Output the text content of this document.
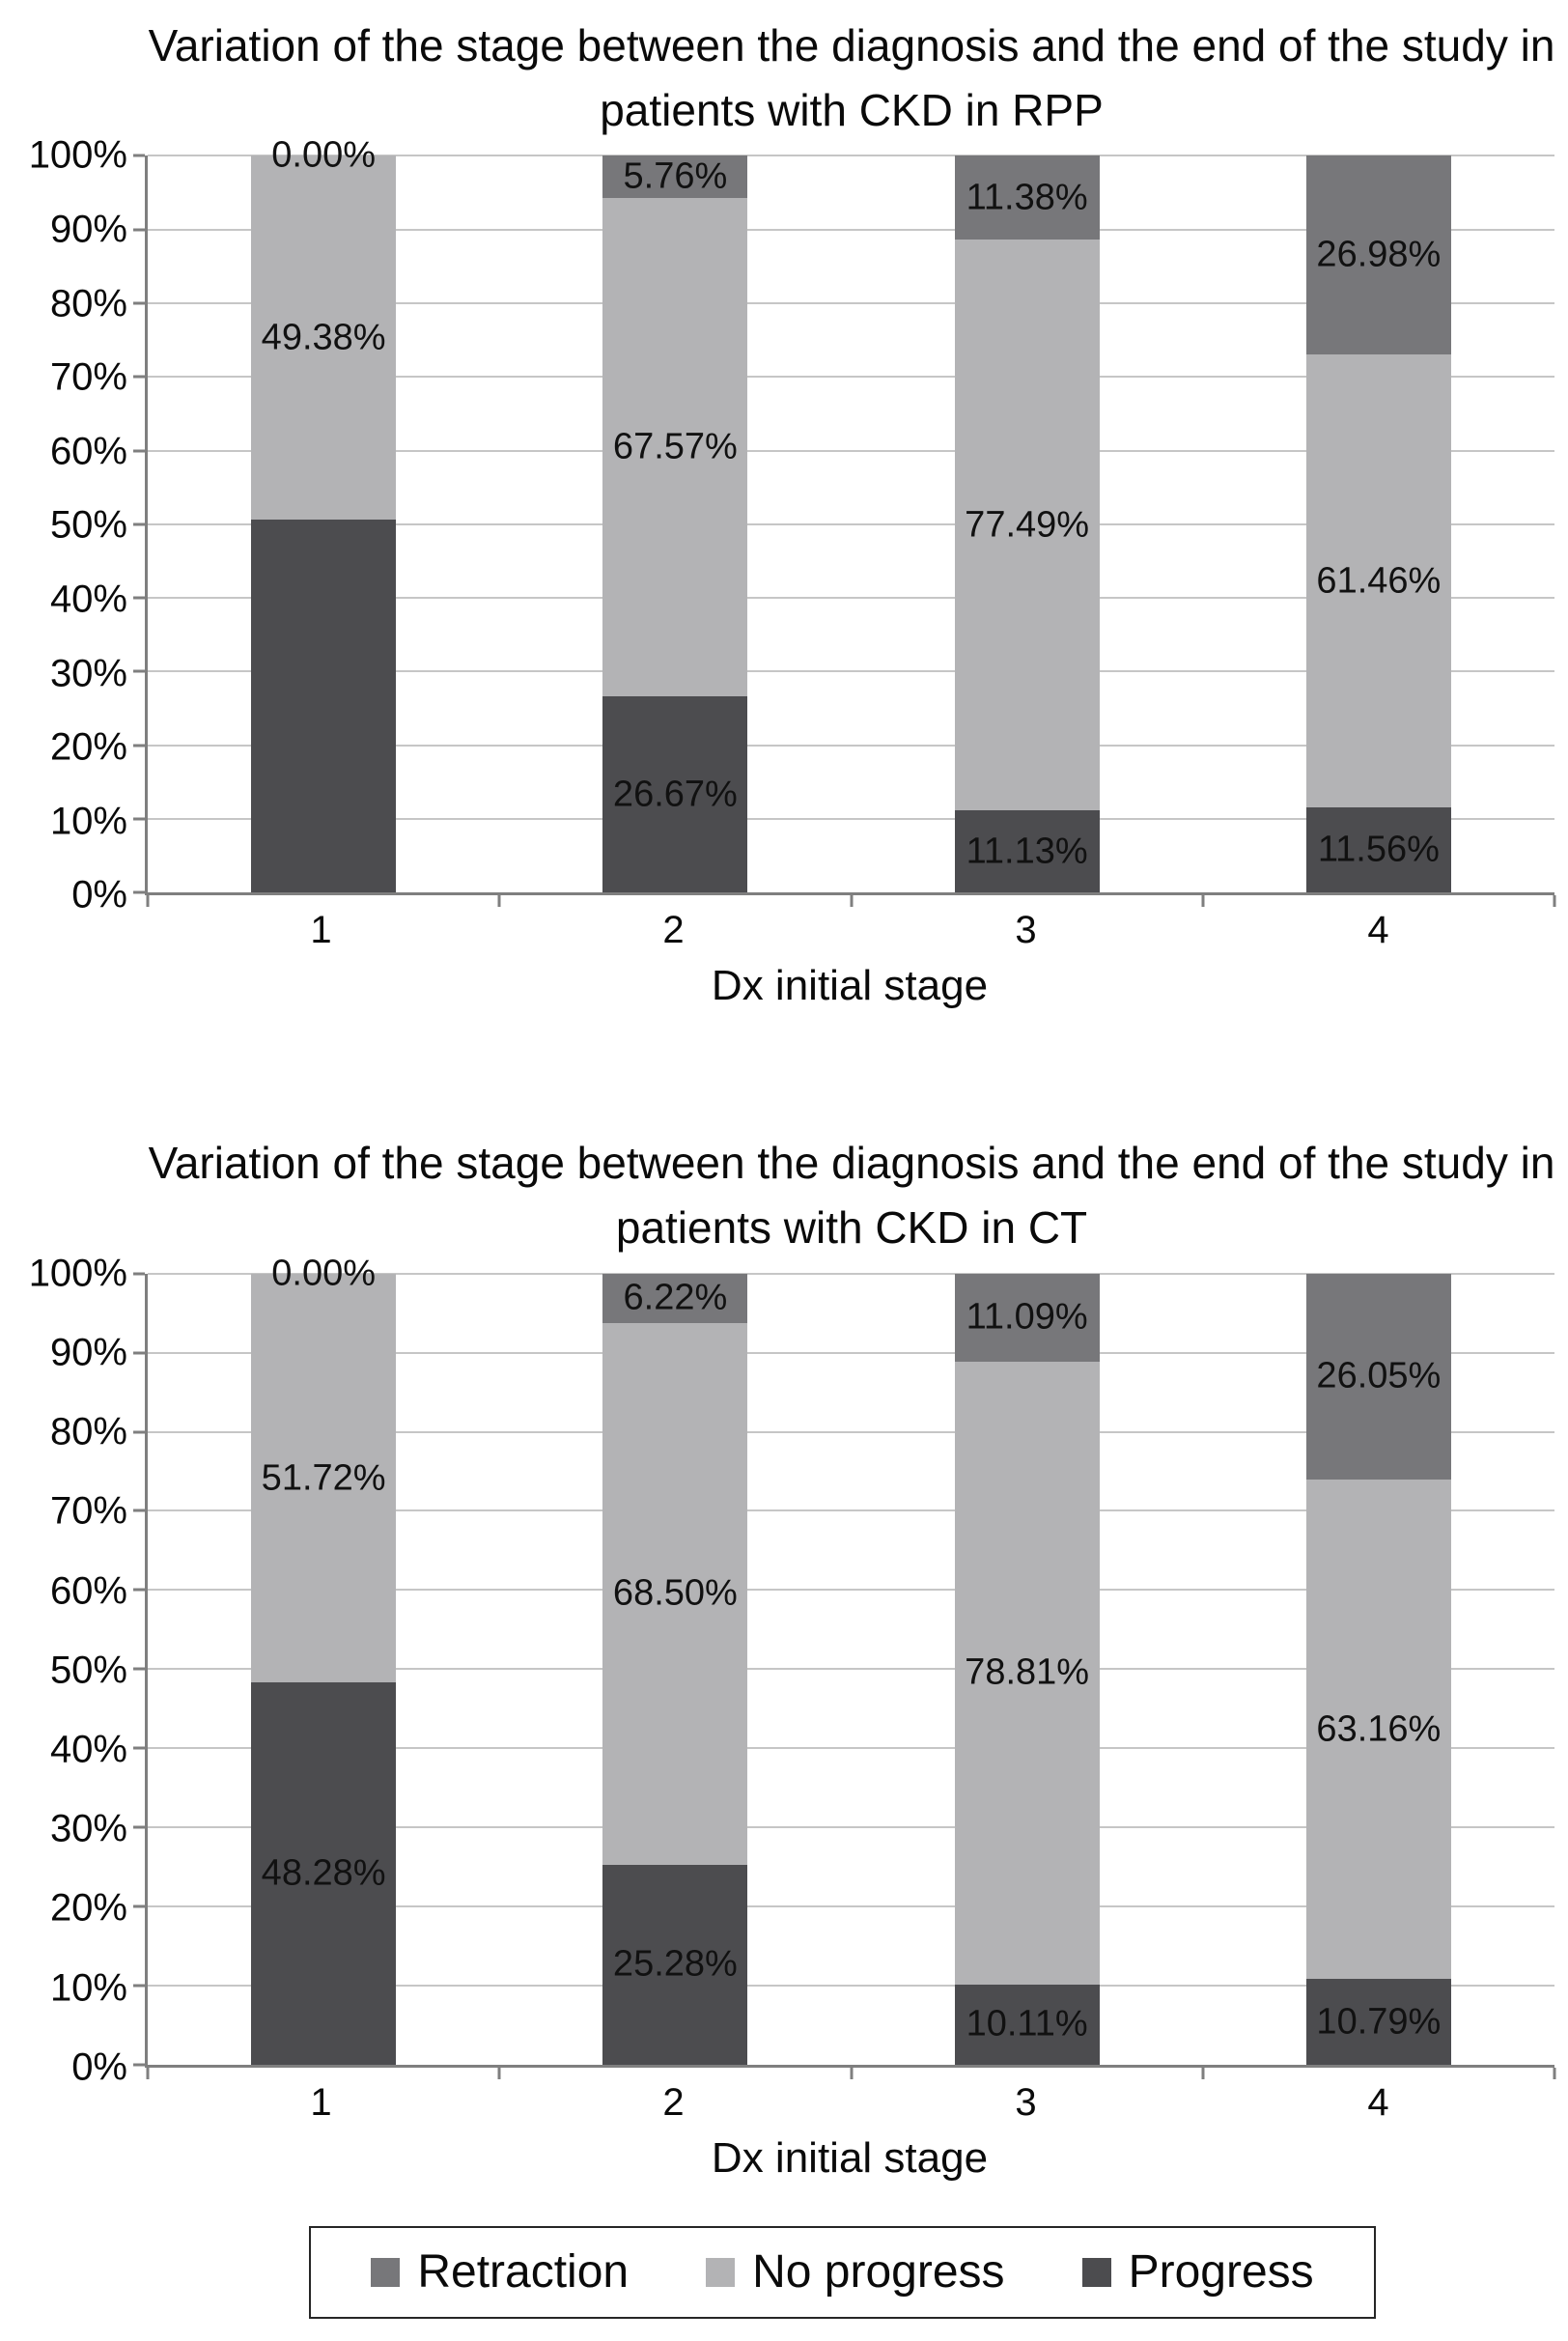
Variation of the stage between the diagnosis and the end of the study in patients with CKD in RPP
100%
90%
80%
70%
60%
50%
40%
30%
20%
10%
0%
49.38%
0.00%
26.67%
67.57%
5.76%
11.13%
77.49%
11.38%
11.56%
61.46%
26.98%
1	2	3	4
Dx initial stage
Variation of the stage between the diagnosis and the end of the study in patients with CKD in CT
100%
90%
80%
70%
60%
50%
40%
30%
20%
10%
0%
48.28%
51.72%
0.00%
25.28%
68.50%
6.22%
10.11%
78.81%
11.09%
10.79%
63.16%
26.05%
1	2	3	4
Dx initial stage
Retraction	No progress	Progress
